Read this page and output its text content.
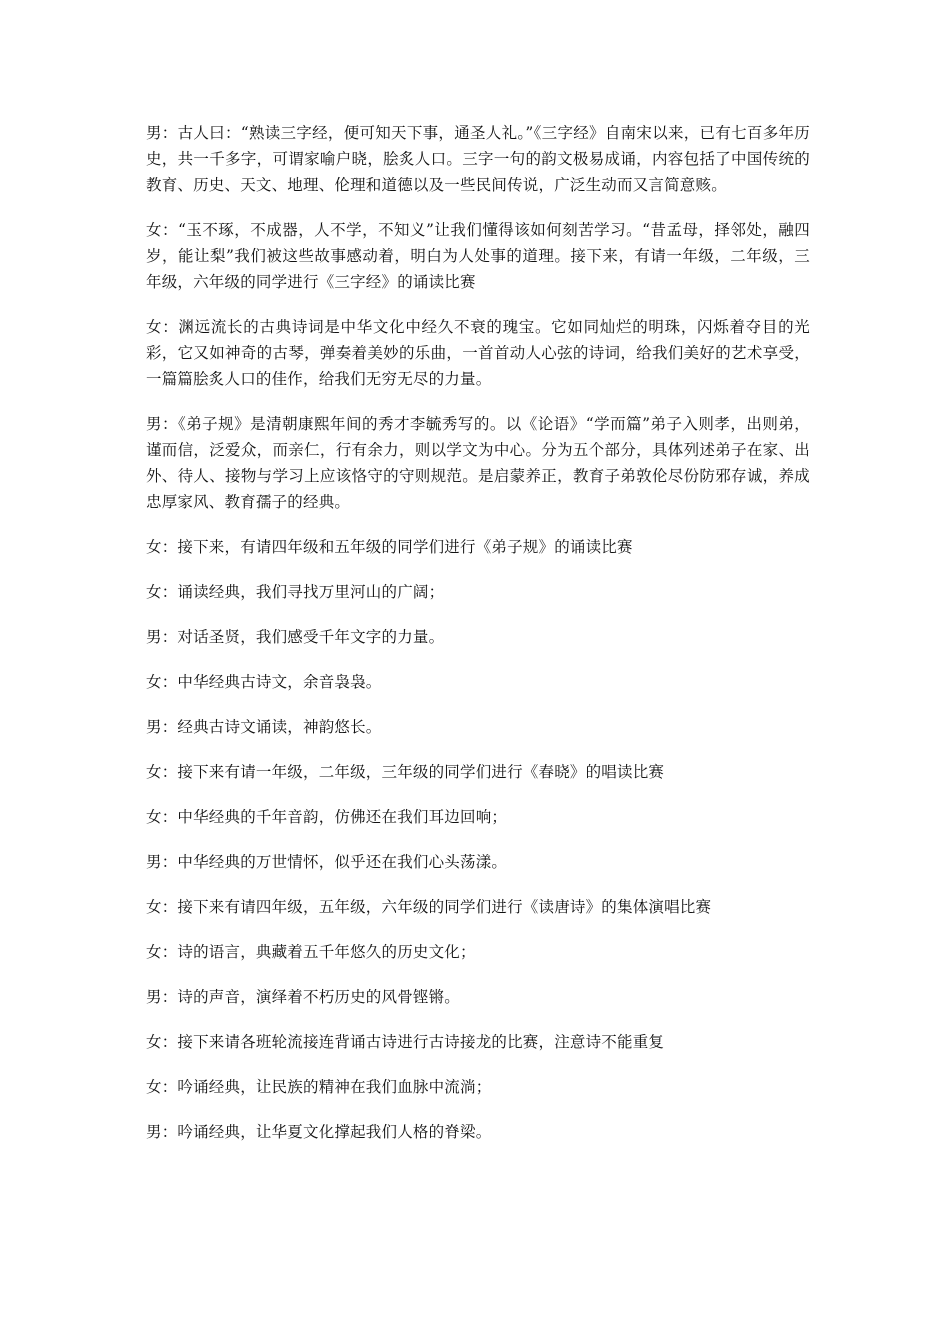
男：古人曰：“熟读三字经，便可知天下事，通圣人礼。”《三字经》自南宋以来，已有七百多年历史，共一千多字，可谓家喻户晓，脍炙人口。三字一句的韵文极易成诵，内容包括了中国传统的教育、历史、天文、地理、伦理和道德以及一些民间传说，广泛生动而又言简意赅。

女：“玉不琢，不成器，人不学，不知义”让我们懂得该如何刻苦学习。“昔孟母，择邻处，融四岁，能让梨”我们被这些故事感动着，明白为人处事的道理。接下来，有请一年级，二年级，三年级，六年级的同学进行《三字经》的诵读比赛

女：渊远流长的古典诗词是中华文化中经久不衰的瑰宝。它如同灿烂的明珠，闪烁着夺目的光彩，它又如神奇的古琴，弹奏着美妙的乐曲，一首首动人心弦的诗词，给我们美好的艺术享受，一篇篇脍炙人口的佳作，给我们无穷无尽的力量。

男：《弟子规》是清朝康熙年间的秀才李毓秀写的。以《论语》“学而篇”弟子入则孝，出则弟，谨而信，泛爱众，而亲仁，行有余力，则以学文为中心。分为五个部分，具体列述弟子在家、出外、待人、接物与学习上应该恪守的守则规范。是启蒙养正，教育子弟敦伦尽份防邪存诚，养成忠厚家风、教育孺子的经典。

女：接下来，有请四年级和五年级的同学们进行《弟子规》的诵读比赛

女：诵读经典，我们寻找万里河山的广阔；

男：对话圣贤，我们感受千年文字的力量。

女：中华经典古诗文，余音袅袅。

男：经典古诗文诵读，神韵悠长。

女：接下来有请一年级，二年级，三年级的同学们进行《春晓》的唱读比赛

女：中华经典的千年音韵，仿佛还在我们耳边回响；

男：中华经典的万世情怀，似乎还在我们心头荡漾。

女：接下来有请四年级，五年级，六年级的同学们进行《读唐诗》的集体演唱比赛

女：诗的语言，典藏着五千年悠久的历史文化；

男：诗的声音，演绎着不朽历史的风骨铿锵。

女：接下来请各班轮流接连背诵古诗进行古诗接龙的比赛，注意诗不能重复

女：吟诵经典，让民族的精神在我们血脉中流淌；

男：吟诵经典，让华夏文化撑起我们人格的脊梁。
